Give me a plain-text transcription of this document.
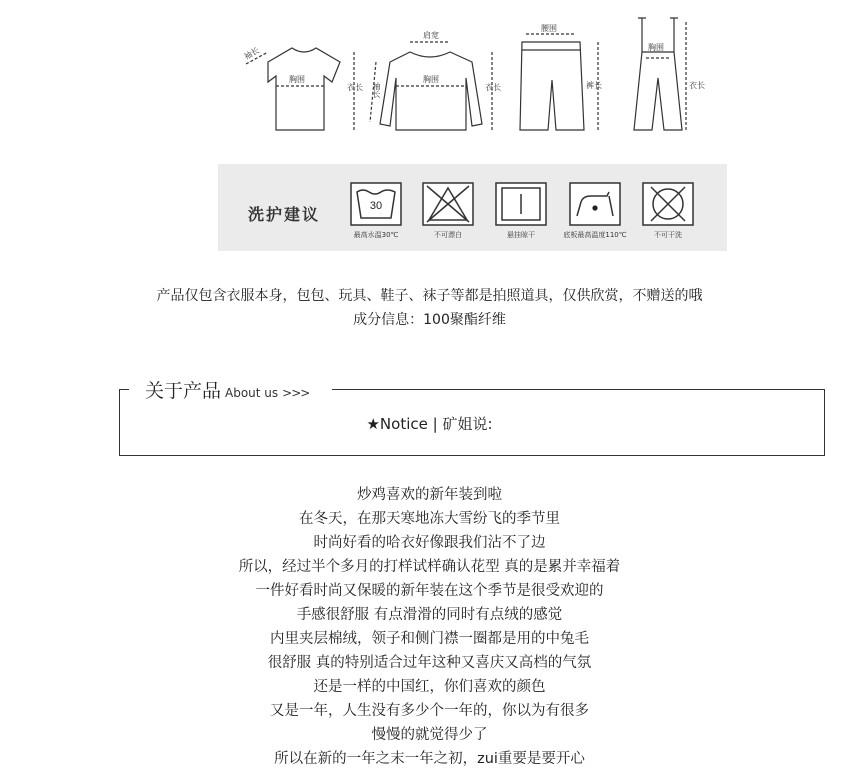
袖长
胸围
衣长
肩宽
袖长
胸围
衣长
腰围
裤长
胸围
衣长
洗护建议	30
最高水温30℃	不可漂白	悬挂晾干	底板最高温度110℃	不可干洗
产品仅包含衣服本身，包包、玩具、鞋子、袜子等都是拍照道具，仅供欣赏，不赠送的哦
成分信息：100聚酯纤维
关于产品 About us >>>
★Notice | 矿姐说:
炒鸡喜欢的新年装到啦
在冬天，在那天寒地冻大雪纷飞的季节里
时尚好看的哈衣好像跟我们沾不了边
所以，经过半个多月的打样试样确认花型 真的是累并幸福着
一件好看时尚又保暖的新年装在这个季节是很受欢迎的
手感很舒服 有点滑滑的同时有点绒的感觉
内里夹层棉绒，领子和侧门襟一圈都是用的中兔毛
很舒服 真的特别适合过年这种又喜庆又高档的气氛
还是一样的中国红，你们喜欢的颜色
又是一年，人生没有多少个一年的，你以为有很多
慢慢的就觉得少了
所以在新的一年之末一年之初，zui重要是要开心
